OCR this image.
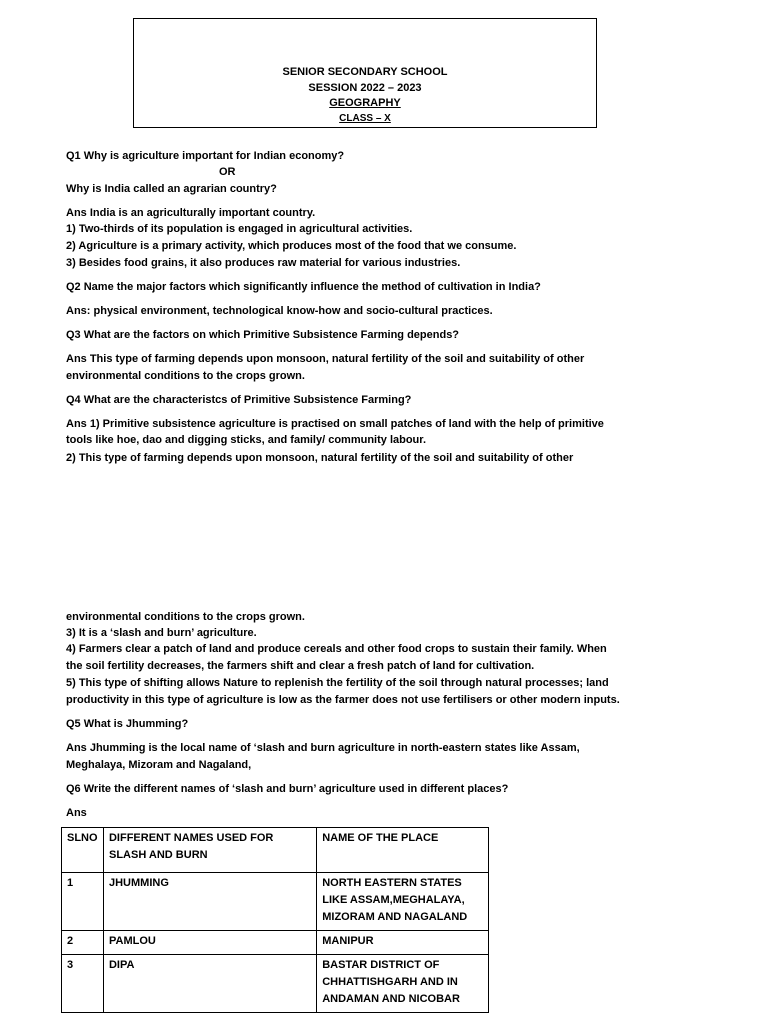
SENIOR SECONDARY SCHOOL
SESSION 2022 – 2023
GEOGRAPHY
CLASS – X
Q1 Why is agriculture important for Indian economy?
OR
Why is India called an agrarian country?
Ans India is an agriculturally important country.
1) Two-thirds of its population is engaged in agricultural activities.
2) Agriculture is a primary activity, which produces most of the food that we consume.
3) Besides food grains, it also produces raw material for various industries.
Q2 Name the major factors which significantly influence the method of cultivation in India?
Ans: physical environment, technological know-how and socio-cultural practices.
Q3 What are the factors on which Primitive Subsistence Farming depends?
Ans This type of farming depends upon monsoon, natural fertility of the soil and suitability of other
environmental conditions to the crops grown.
Q4 What are the characteristcs of Primitive Subsistence Farming?
Ans 1) Primitive subsistence agriculture is practised on small patches of land with the help of primitive
tools like hoe, dao and digging sticks, and family/ community labour.
2) This type of farming depends upon monsoon, natural fertility of the soil and suitability of other
environmental conditions to the crops grown.
3) It is a ‘slash and burn’ agriculture.
4) Farmers clear a patch of land and produce cereals and other food crops to sustain their family. When
the soil fertility decreases, the farmers shift and clear a fresh patch of land for cultivation.
5) This type of shifting allows Nature to replenish the fertility of the soil through natural processes; land
productivity in this type of agriculture is low as the farmer does not use fertilisers or other modern inputs.
Q5 What is Jhumming?
Ans Jhumming is the local name of ‘slash and burn agriculture in north-eastern states like Assam,
Meghalaya, Mizoram and Nagaland,
Q6 Write the different names of ‘slash and burn’ agriculture used in different places?
Ans
SLNO	DIFFERENT NAMES USED FOR SLASH AND BURN	NAME OF THE PLACE
1	JHUMMING	NORTH EASTERN STATES LIKE ASSAM,MEGHALAYA, MIZORAM AND NAGALAND
2	PAMLOU	MANIPUR
3	DIPA	BASTAR DISTRICT OF CHHATTISHGARH AND IN ANDAMAN AND NICOBAR
